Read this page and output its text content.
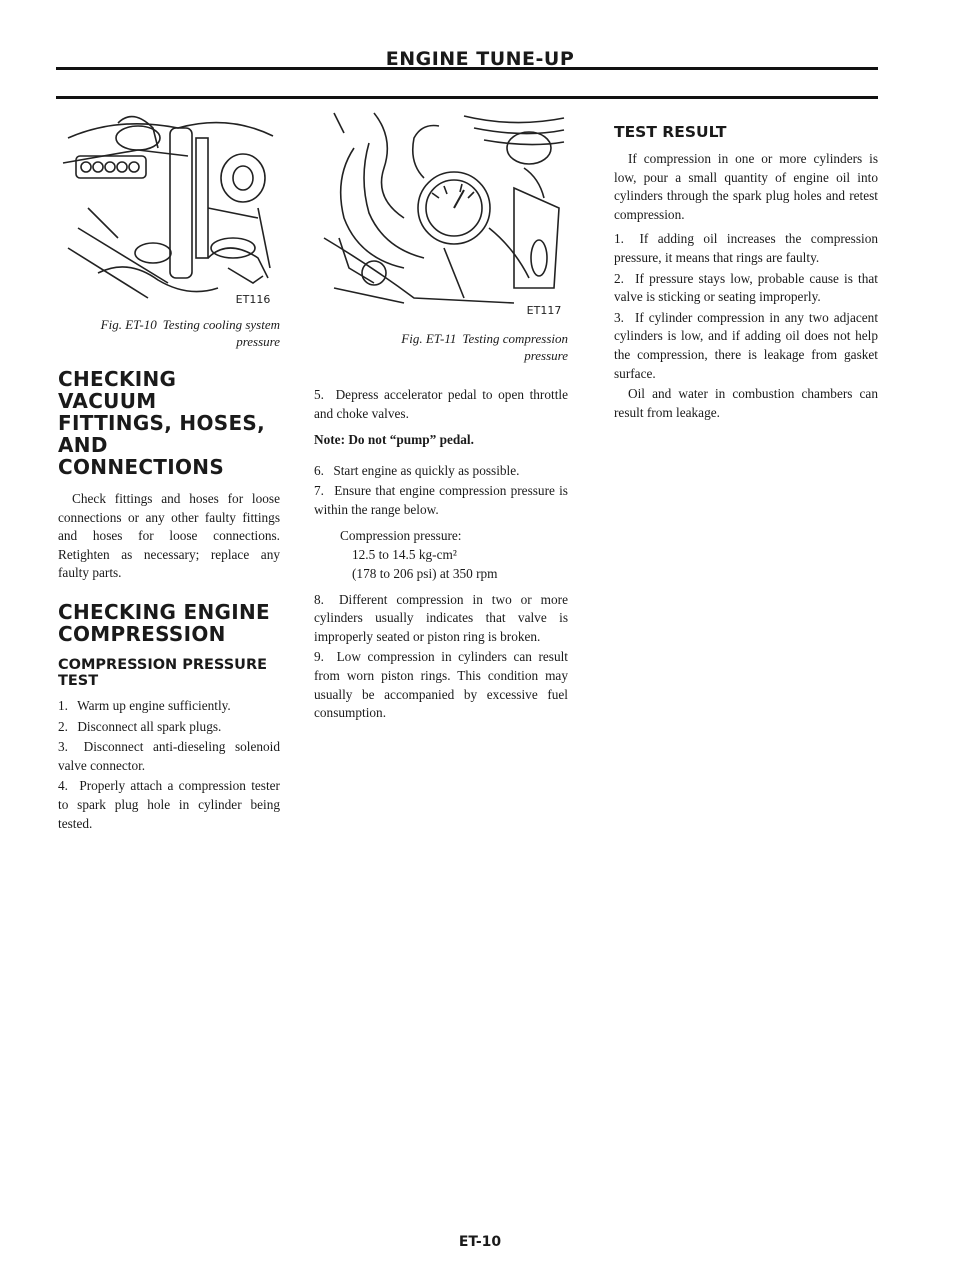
ENGINE TUNE-UP
ET116
Fig. ET-10 Testing cooling system
pressure
CHECKING VACUUM
FITTINGS, HOSES,
AND CONNECTIONS

Check fittings and hoses for loose connections or any other faulty fittings and hoses for loose connections. Retighten as necessary; replace any faulty parts.

CHECKING ENGINE
COMPRESSION
COMPRESSION PRESSURE
TEST

1. Warm up engine sufficiently.

2. Disconnect all spark plugs.

3. Disconnect anti-dieseling solenoid valve connector.

4. Properly attach a compression tester to spark plug hole in cylinder being tested.

ET117
Fig. ET-11 Testing compression
pressure

5. Depress accelerator pedal to open throttle and choke valves.

Note: Do not “pump” pedal.

6. Start engine as quickly as possible.

7. Ensure that engine compression pressure is within the range below.

Compression pressure:
12.5 to 14.5 kg-cm²
(178 to 206 psi) at 350 rpm

8. Different compression in two or more cylinders usually indicates that valve is improperly seated or piston ring is broken.

9. Low compression in cylinders can result from worn piston rings. This condition may usually be accompanied by excessive fuel consumption.

TEST RESULT

If compression in one or more cylinders is low, pour a small quantity of engine oil into cylinders through the spark plug holes and retest compression.

1. If adding oil increases the compression pressure, it means that rings are faulty.

2. If pressure stays low, probable cause is that valve is sticking or seating improperly.

3. If cylinder compression in any two adjacent cylinders is low, and if adding oil does not help the compression, there is leakage from gasket surface.

Oil and water in combustion chambers can result from leakage.

ET-10
